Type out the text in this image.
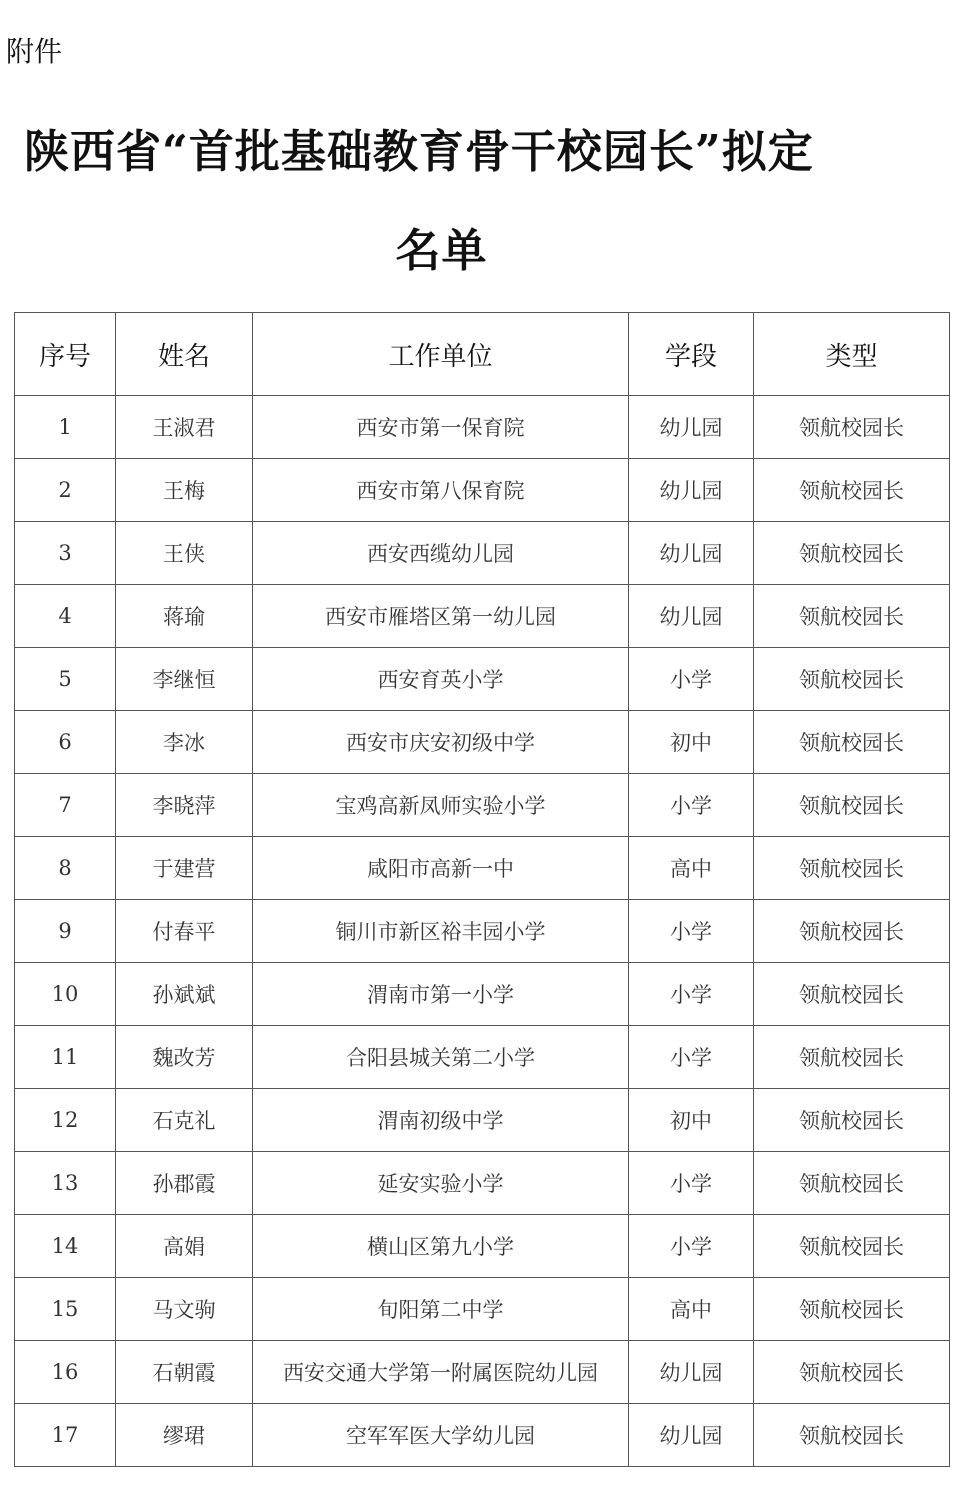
附件
陕西省“首批基础教育骨干校园长”拟定
名单
序号	姓名	工作单位	学段	类型
1	王淑君	西安市第一保育院	幼儿园	领航校园长
2	王梅	西安市第八保育院	幼儿园	领航校园长
3	王侠	西安西缆幼儿园	幼儿园	领航校园长
4	蒋瑜	西安市雁塔区第一幼儿园	幼儿园	领航校园长
5	李继恒	西安育英小学	小学	领航校园长
6	李冰	西安市庆安初级中学	初中	领航校园长
7	李晓萍	宝鸡高新凤师实验小学	小学	领航校园长
8	于建营	咸阳市高新一中	高中	领航校园长
9	付春平	铜川市新区裕丰园小学	小学	领航校园长
10	孙斌斌	渭南市第一小学	小学	领航校园长
11	魏改芳	合阳县城关第二小学	小学	领航校园长
12	石克礼	渭南初级中学	初中	领航校园长
13	孙郡霞	延安实验小学	小学	领航校园长
14	高娟	横山区第九小学	小学	领航校园长
15	马文驹	旬阳第二中学	高中	领航校园长
16	石朝霞	西安交通大学第一附属医院幼儿园	幼儿园	领航校园长
17	缪珺	空军军医大学幼儿园	幼儿园	领航校园长
